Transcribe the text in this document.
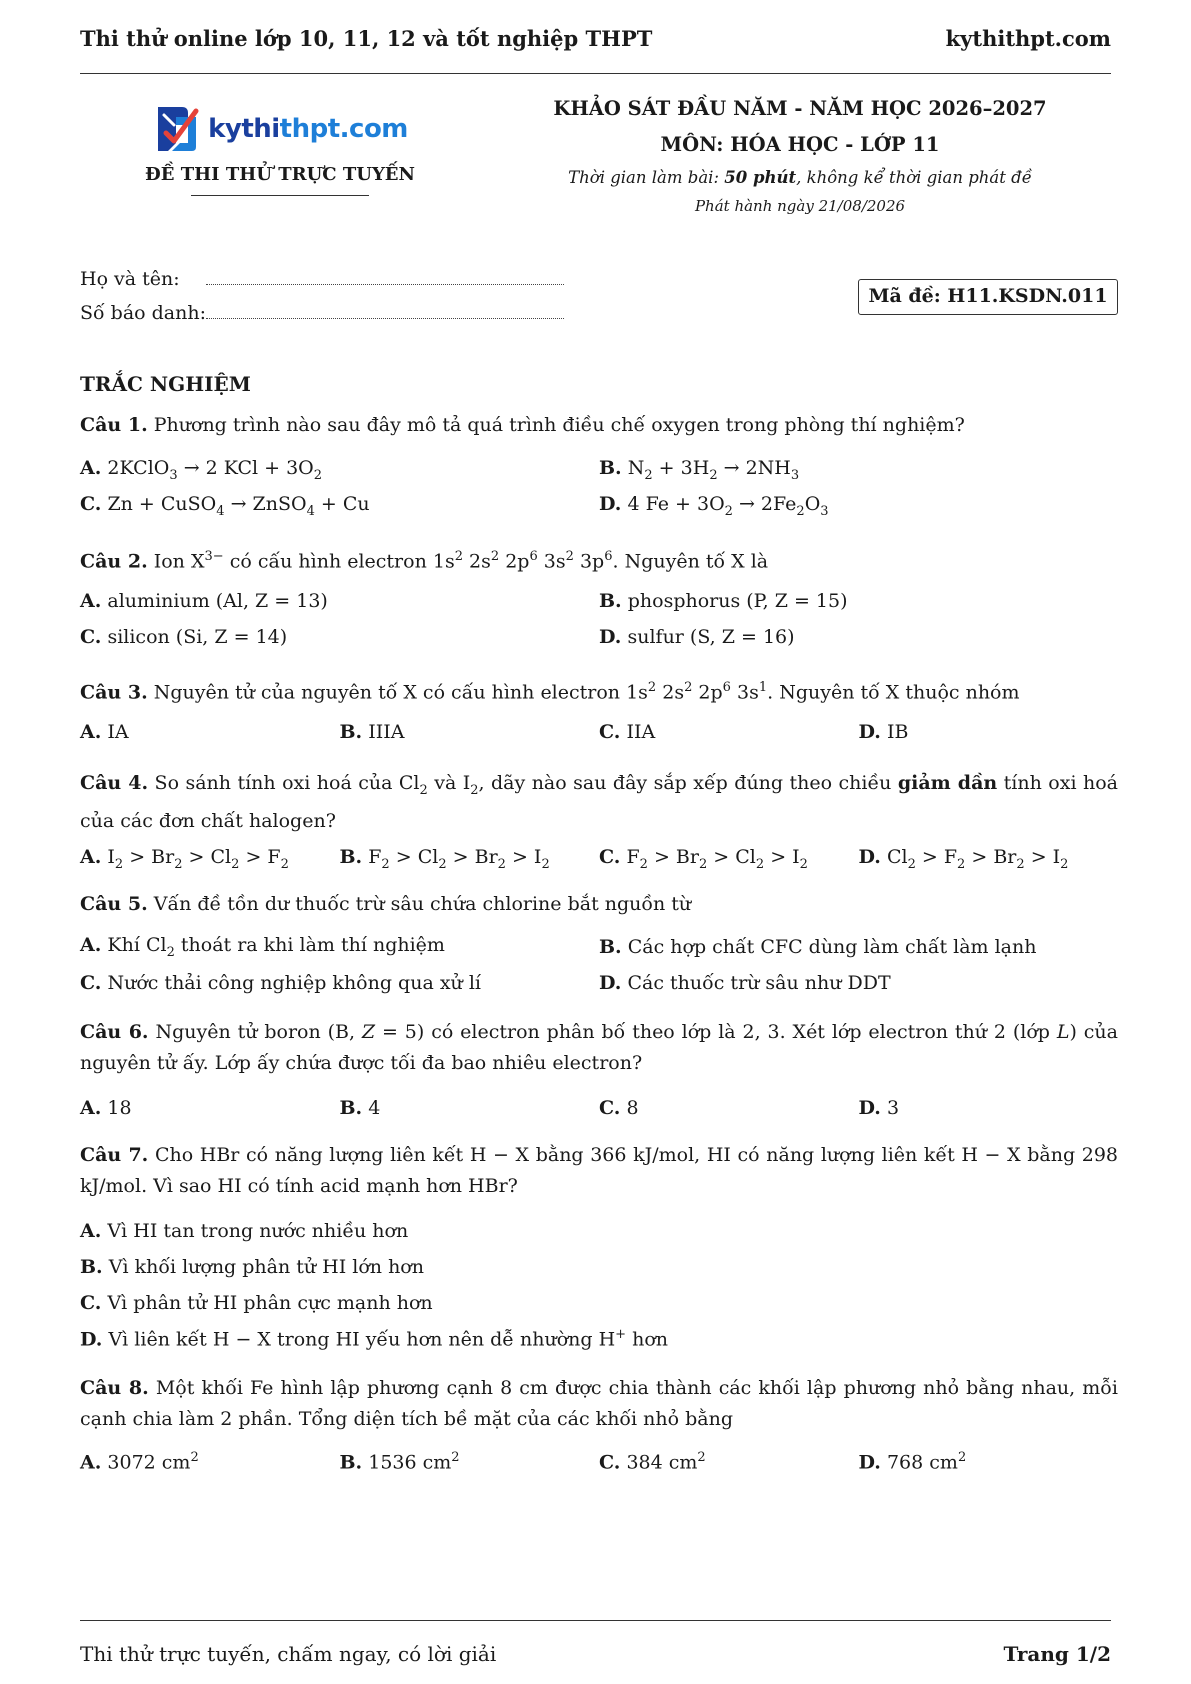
Thi thử online lớp 10, 11, 12 và tốt nghiệp THPT	kythithpt.com
kythithpt.com
ĐỀ THI THỬ TRỰC TUYẾN
KHẢO SÁT ĐẦU NĂM - NĂM HỌC 2026–2027
MÔN: HÓA HỌC - LỚP 11
Thời gian làm bài: 50 phút, không kể thời gian phát đề
Phát hành ngày 21/08/2026
Họ và tên:
Số báo danh:
Mã đề: H11.KSDN.011
TRẮC NGHIỆM
Câu 1. Phương trình nào sau đây mô tả quá trình điều chế oxygen trong phòng thí nghiệm?
A. 2KClO$_3$ → 2 KCl + $3O_2$	B. $N_2 + 3H_2 \to 2NH_3$
C. Zn + CuSO$_4$ → ZnSO$_4$ + Cu	D. 4 $Fe + 3O_2 \to 2Fe_2O_3$
Câu 2. Ion $X^{3-}$ có cấu hình electron $1s^2$ $2s^2$ $2p^6$ $3s^2$ $3p^6$. Nguyên tố X là
A. aluminium (Al, Z = 13)	B. phosphorus (P, Z = 15)
C. silicon (Si, Z = 14)	D. sulfur (S, Z = 16)
Câu 3. Nguyên tử của nguyên tố X có cấu hình electron $1s^2$ $2s^2$ $2p^6$ $3s^1$. Nguyên tố X thuộc nhóm
A. IA	B. IIIA	C. IIA	D. IB
Câu 4. So sánh tính oxi hoá của $Cl_2$ và $I_2$, dãy nào sau đây sắp xếp đúng theo chiều giảm dần tính oxi hoá của các đơn chất halogen?
A. $I_2 > Br_2 > Cl_2 > F_2$	B. $F_2 > Cl_2 > Br_2 > I_2$	C. $F_2 > Br_2 > Cl_2 > I_2$	D. $Cl_2 > F_2 > Br_2 > I_2$
Câu 5. Vấn đề tồn dư thuốc trừ sâu chứa chlorine bắt nguồn từ
A. Khí $Cl_2$ thoát ra khi làm thí nghiệm	B. Các hợp chất CFC dùng làm chất làm lạnh
C. Nước thải công nghiệp không qua xử lí	D. Các thuốc trừ sâu như DDT
Câu 6. Nguyên tử boron (B, Z = 5) có electron phân bố theo lớp là 2, 3. Xét lớp electron thứ 2 (lớp L) của nguyên tử ấy. Lớp ấy chứa được tối đa bao nhiêu electron?
A. 18	B. 4	C. 8	D. 3
Câu 7. Cho HBr có năng lượng liên kết H − X bằng 366 kJ/mol, HI có năng lượng liên kết H − X bằng 298 kJ/mol. Vì sao HI có tính acid mạnh hơn HBr?
A. Vì HI tan trong nước nhiều hơn
B. Vì khối lượng phân tử HI lớn hơn
C. Vì phân tử HI phân cực mạnh hơn
D. Vì liên kết H − X trong HI yếu hơn nên dễ nhường H+ hơn
Câu 8. Một khối Fe hình lập phương cạnh 8 cm được chia thành các khối lập phương nhỏ bằng nhau, mỗi cạnh chia làm 2 phần. Tổng diện tích bề mặt của các khối nhỏ bằng
A. 3072 $cm^2$	B. 1536 $cm^2$	C. 384 $cm^2$	D. 768 $cm^2$
Thi thử trực tuyến, chấm ngay, có lời giải	Trang 1/2
